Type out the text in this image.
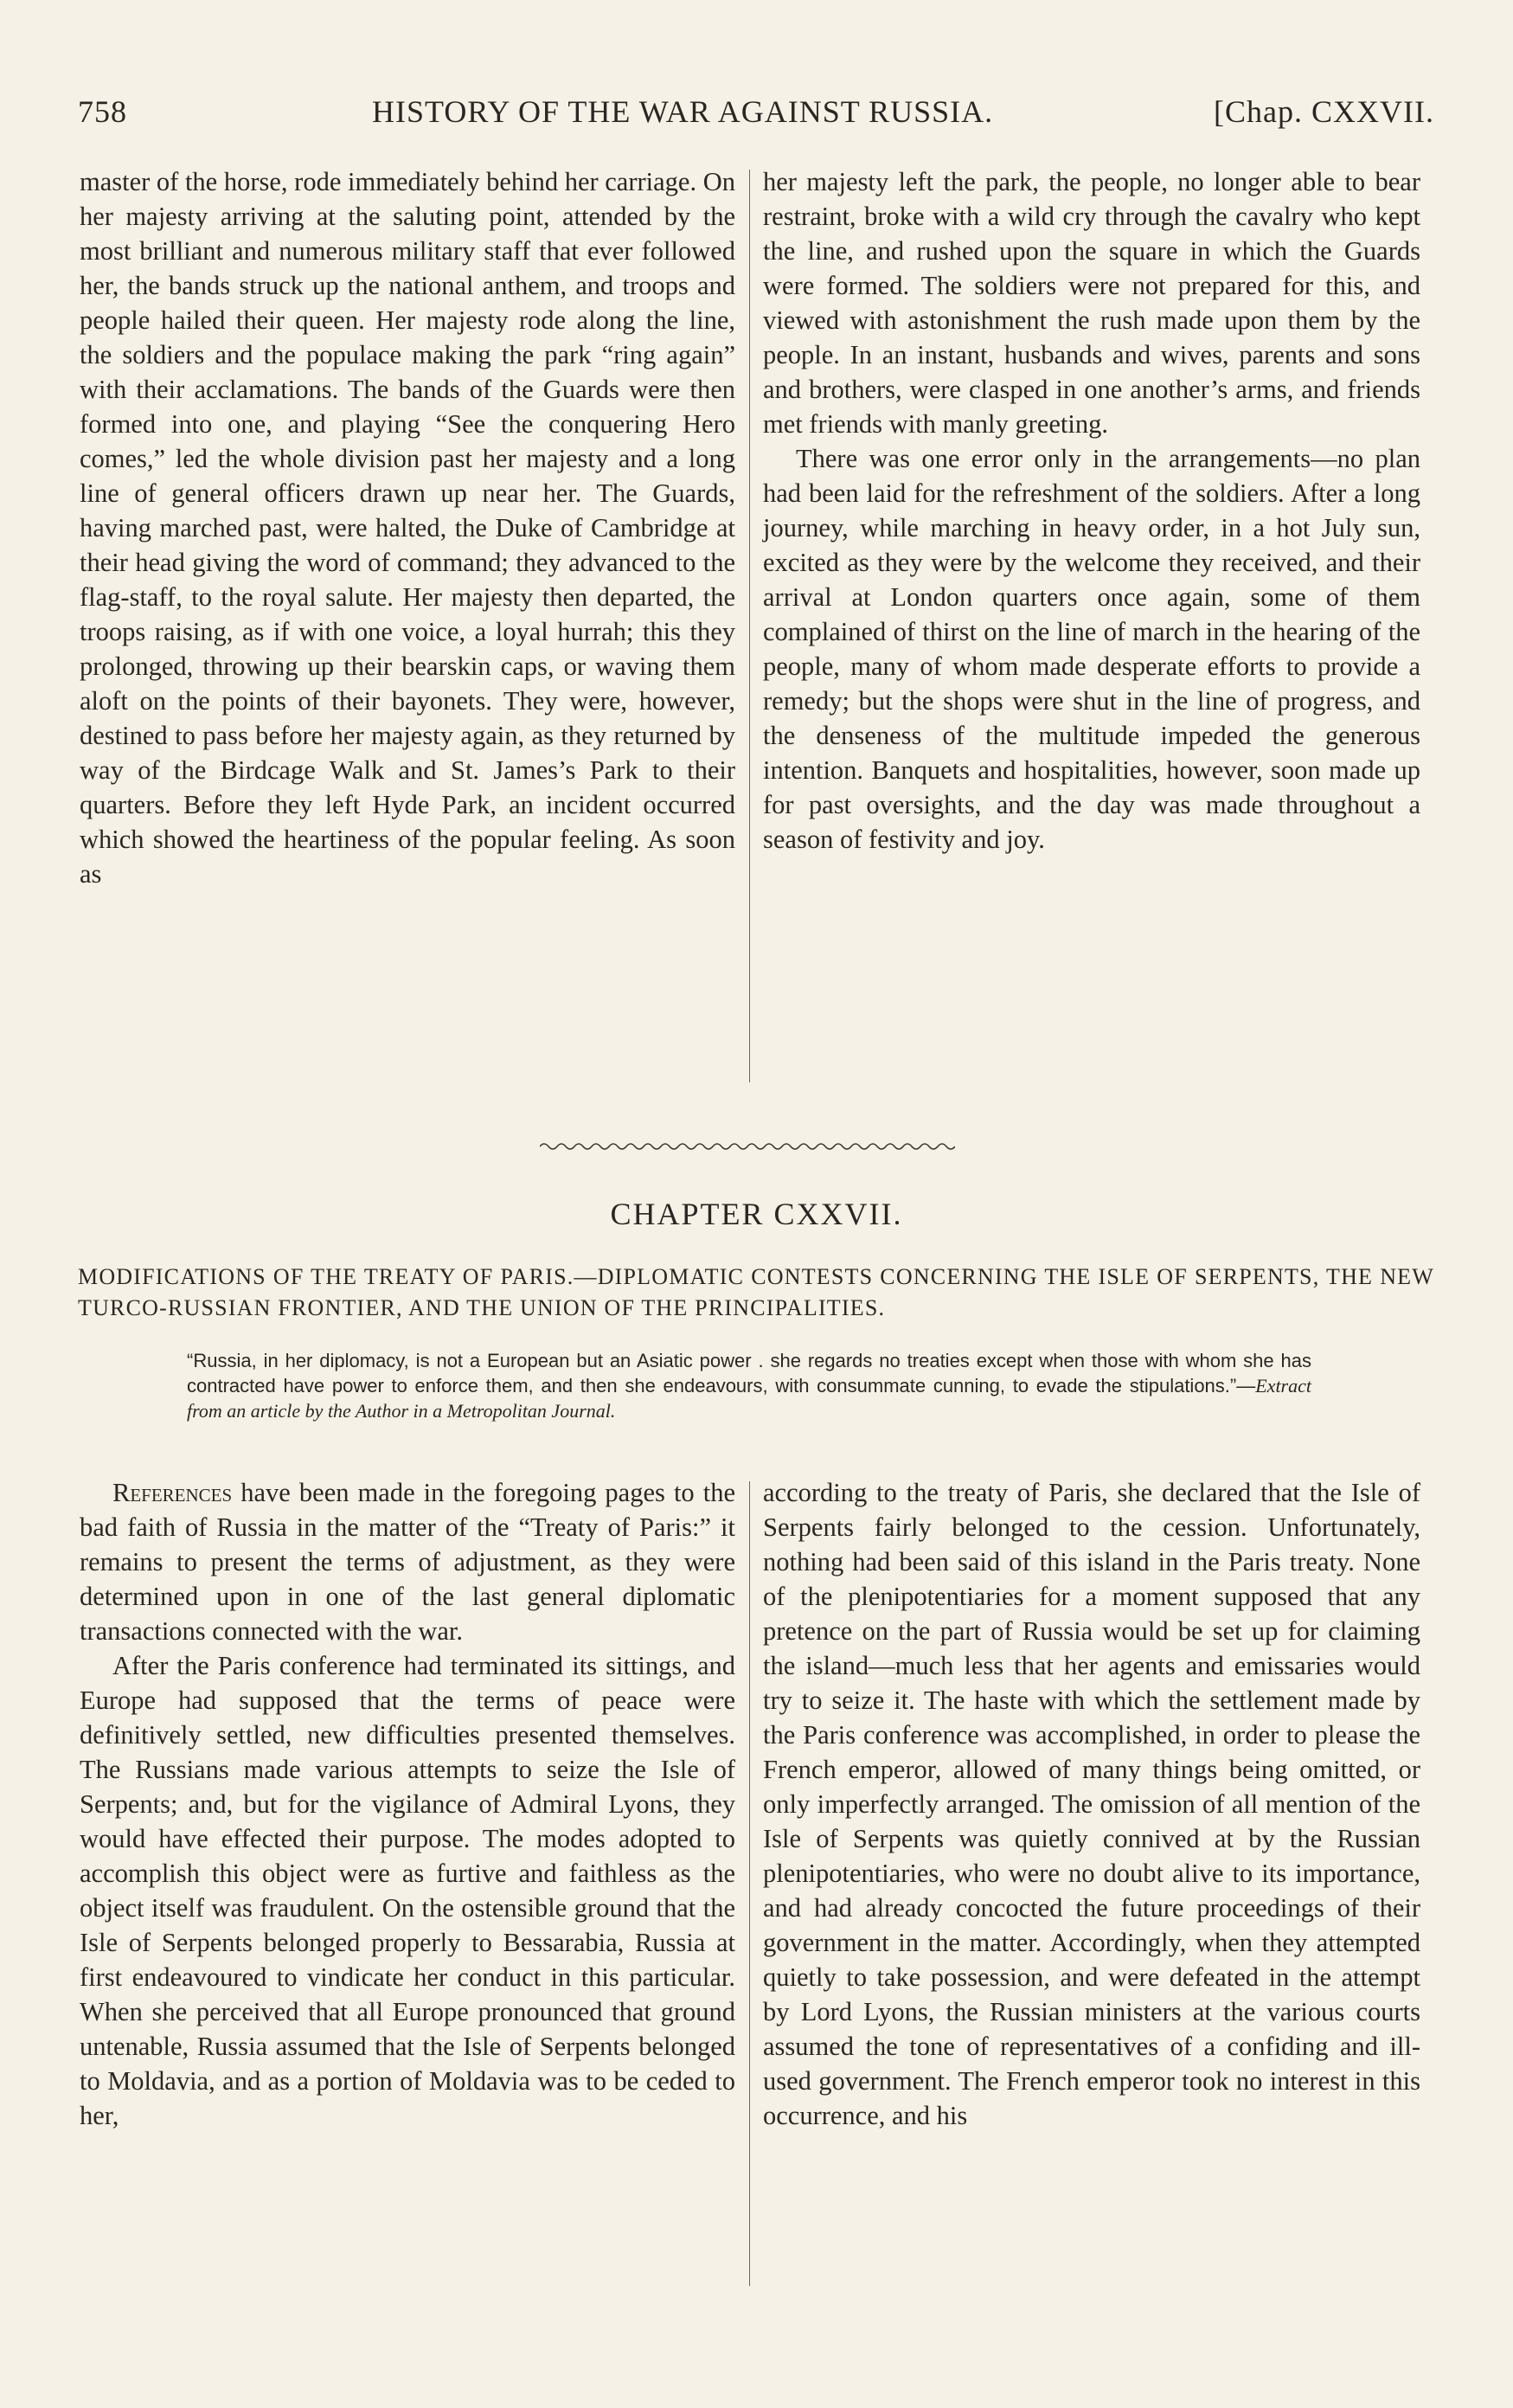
758	HISTORY OF THE WAR AGAINST RUSSIA.	[Chap. CXXVII.

master of the horse, rode immediately behind her carriage. On her majesty arriving at the saluting point, attended by the most brilliant and numerous military staff that ever followed her, the bands struck up the national anthem, and troops and people hailed their queen. Her majesty rode along the line, the soldiers and the populace making the park “ring again” with their acclamations. The bands of the Guards were then formed into one, and playing “See the conquering Hero comes,” led the whole division past her majesty and a long line of general officers drawn up near her. The Guards, having marched past, were halted, the Duke of Cambridge at their head giving the word of command; they advanced to the flag-staff, to the royal salute. Her majesty then departed, the troops raising, as if with one voice, a loyal hurrah; this they prolonged, throwing up their bearskin caps, or waving them aloft on the points of their bayonets. They were, however, destined to pass before her majesty again, as they returned by way of the Birdcage Walk and St. James’s Park to their quarters. Before they left Hyde Park, an incident occurred which showed the heartiness of the popular feeling. As soon as

her majesty left the park, the people, no longer able to bear restraint, broke with a wild cry through the cavalry who kept the line, and rushed upon the square in which the Guards were formed. The soldiers were not prepared for this, and viewed with astonishment the rush made upon them by the people. In an instant, husbands and wives, parents and sons and brothers, were clasped in one another’s arms, and friends met friends with manly greeting.

There was one error only in the arrangements—no plan had been laid for the refreshment of the soldiers. After a long journey, while marching in heavy order, in a hot July sun, excited as they were by the welcome they received, and their arrival at London quarters once again, some of them complained of thirst on the line of march in the hearing of the people, many of whom made desperate efforts to provide a remedy; but the shops were shut in the line of progress, and the denseness of the multitude impeded the generous intention. Banquets and hospitalities, however, soon made up for past oversights, and the day was made throughout a season of festivity and joy.

CHAPTER CXXVII.
MODIFICATIONS OF THE TREATY OF PARIS.—DIPLOMATIC CONTESTS CONCERNING THE ISLE OF SERPENTS, THE NEW TURCO-RUSSIAN FRONTIER, AND THE UNION OF THE PRINCIPALITIES.
“Russia, in her diplomacy, is not a European but an Asiatic power . she regards no treaties except when those with whom she has contracted have power to enforce them, and then she endeavours, with consummate cunning, to evade the stipulations.”—Extract from an article by the Author in a Metropolitan Journal.

References have been made in the foregoing pages to the bad faith of Russia in the matter of the “Treaty of Paris:” it remains to present the terms of adjustment, as they were determined upon in one of the last general diplomatic transactions connected with the war.

After the Paris conference had terminated its sittings, and Europe had supposed that the terms of peace were definitively settled, new difficulties presented themselves. The Russians made various attempts to seize the Isle of Serpents; and, but for the vigilance of Admiral Lyons, they would have effected their purpose. The modes adopted to accomplish this object were as furtive and faithless as the object itself was fraudulent. On the ostensible ground that the Isle of Serpents belonged properly to Bessarabia, Russia at first endeavoured to vindicate her conduct in this particular. When she perceived that all Europe pronounced that ground untenable, Russia assumed that the Isle of Serpents belonged to Moldavia, and as a portion of Moldavia was to be ceded to her,

according to the treaty of Paris, she declared that the Isle of Serpents fairly belonged to the cession. Unfortunately, nothing had been said of this island in the Paris treaty. None of the plenipotentiaries for a moment supposed that any pretence on the part of Russia would be set up for claiming the island—much less that her agents and emissaries would try to seize it. The haste with which the settlement made by the Paris conference was accomplished, in order to please the French emperor, allowed of many things being omitted, or only imperfectly arranged. The omission of all mention of the Isle of Serpents was quietly connived at by the Russian plenipotentiaries, who were no doubt alive to its importance, and had already concocted the future proceedings of their government in the matter. Accordingly, when they attempted quietly to take possession, and were defeated in the attempt by Lord Lyons, the Russian ministers at the various courts assumed the tone of representatives of a confiding and ill-used government. The French emperor took no interest in this occurrence, and his
